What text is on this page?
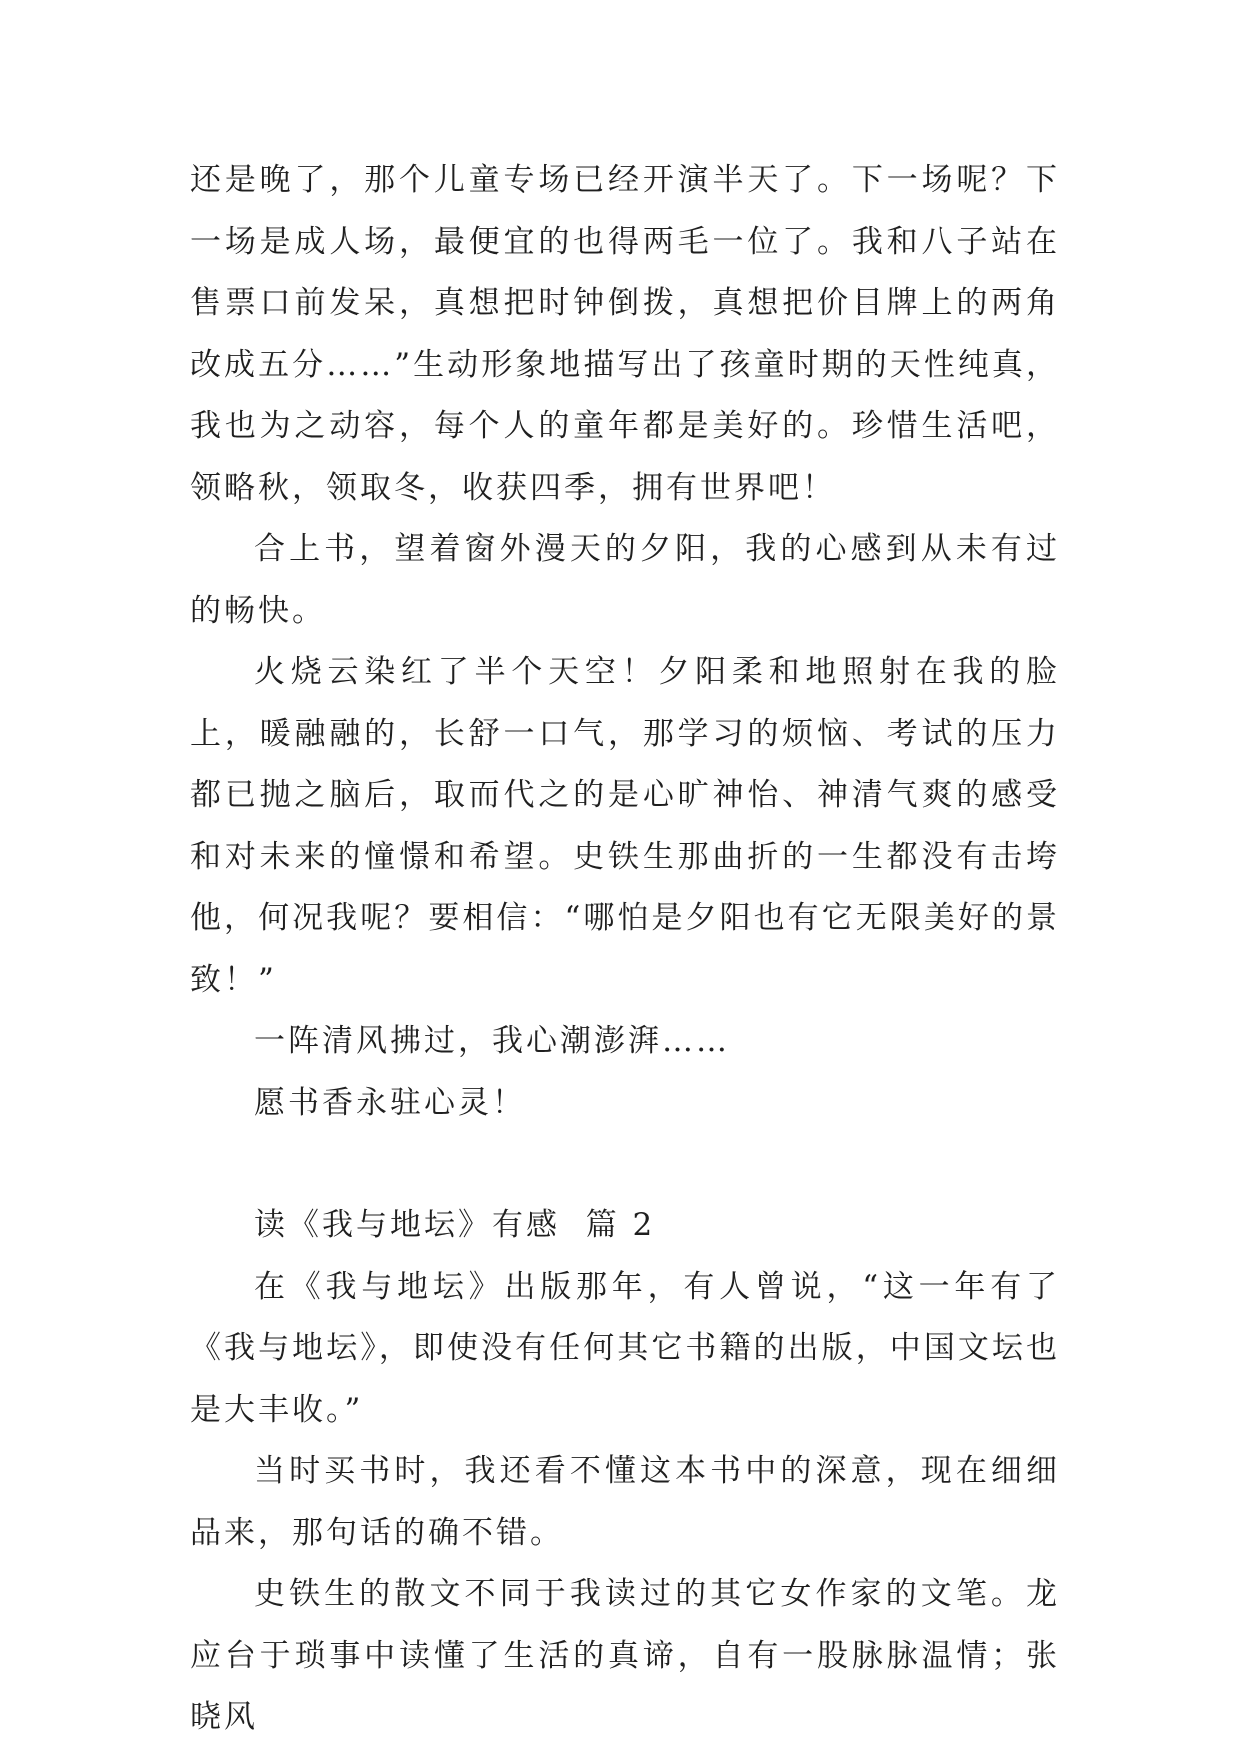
还是晚了，那个儿童专场已经开演半天了。下一场呢？下一场是成人场，最便宜的也得两毛一位了。我和八子站在售票口前发呆，真想把时钟倒拨，真想把价目牌上的两角改成五分……”生动形象地描写出了孩童时期的天性纯真，我也为之动容，每个人的童年都是美好的。珍惜生活吧，领略秋，领取冬，收获四季，拥有世界吧！

合上书，望着窗外漫天的夕阳，我的心感到从未有过的畅快。

火烧云染红了半个天空！夕阳柔和地照射在我的脸上，暖融融的，长舒一口气，那学习的烦恼、考试的压力都已抛之脑后，取而代之的是心旷神怡、神清气爽的感受和对未来的憧憬和希望。史铁生那曲折的一生都没有击垮他，何况我呢？要相信：“哪怕是夕阳也有它无限美好的景致！”

一阵清风拂过，我心潮澎湃……

愿书香永驻心灵！

读《我与地坛》有感  篇 2

在《我与地坛》出版那年，有人曾说，“这一年有了《我与地坛》，即使没有任何其它书籍的出版，中国文坛也是大丰收。”

当时买书时，我还看不懂这本书中的深意，现在细细品来，那句话的确不错。

史铁生的散文不同于我读过的其它女作家的文笔。龙应台于琐事中读懂了生活的真谛，自有一股脉脉温情；张晓风
